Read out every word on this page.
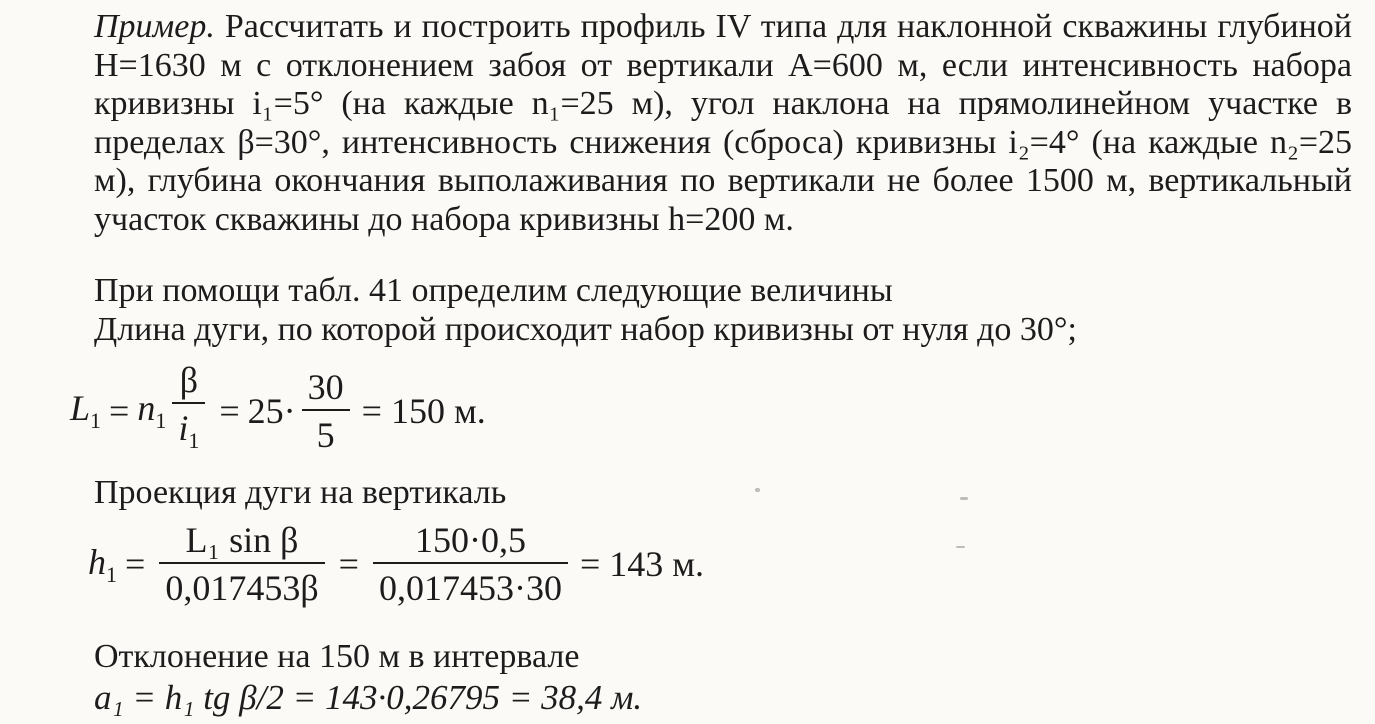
Пример. Рассчитать и построить профиль IV типа для наклонной скважины глубиной H=1630 м с отклонением забоя от вертикали A=600 м, если интенсивность набора кривизны i₁=5° (на каждые n₁=25 м), угол наклона на прямолинейном участке в пределах β=30°, интенсивность снижения (сброса) кривизны i₂=4° (на каждые n₂=25 м), глубина окончания выполаживания по вертикали не более 1500 м, вертикальный участок скважины до набора кривизны h=200 м.
При помощи табл. 41 определим следующие величины
Длина дуги, по которой происходит набор кривизны от нуля до 30°;
$L_1 = n_1 \frac{\beta}{i_1} = 25\cdot \frac{30}{5} = 150$ м.
Проекция дуги на вертикаль
$h_1 = \frac{\text{L₁ sin β}}{0,017453\beta} = \frac{150\cdot 0,5}{0,017453\cdot 30} = 143$ м.
Отклонение на 150 м в интервале
a₁ = h₁ tg β/2 = 143·0,26795 = 38,4 м.
